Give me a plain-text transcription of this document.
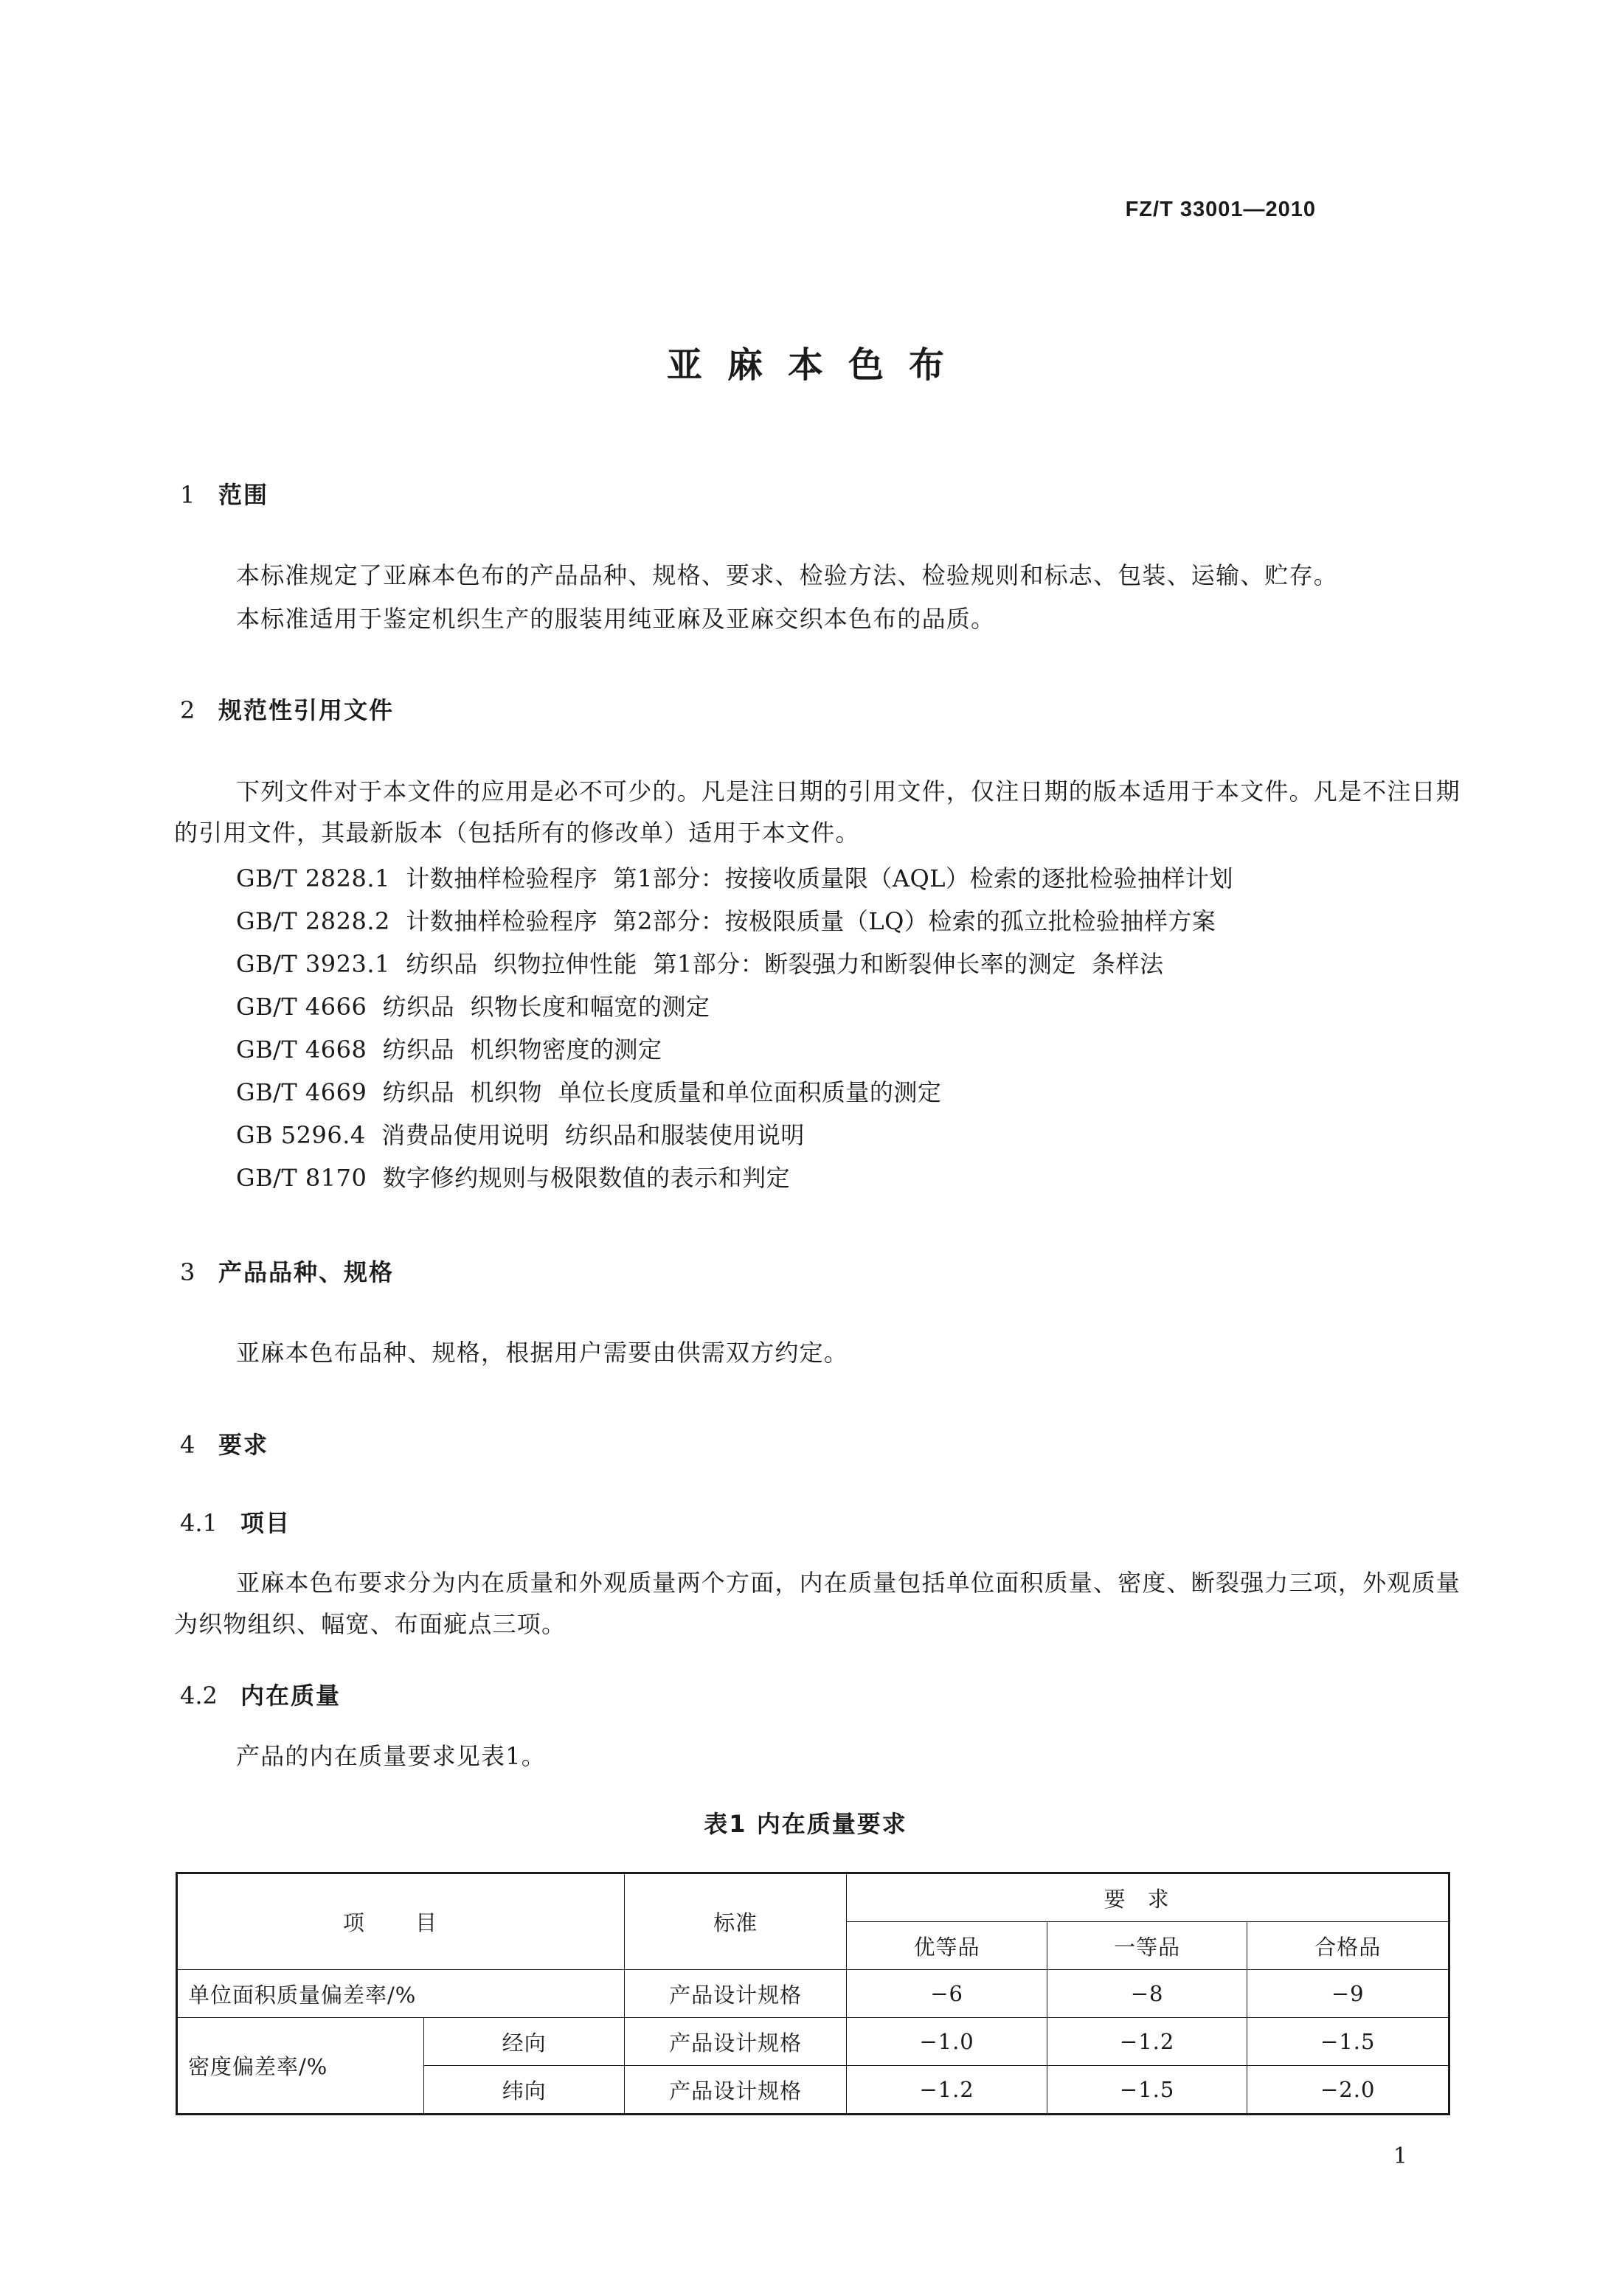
FZ/T 33001—2010
亚麻本色布
1 范围
本标准规定了亚麻本色布的产品品种、规格、要求、检验方法、检验规则和标志、包装、运输、贮存。
本标准适用于鉴定机织生产的服装用纯亚麻及亚麻交织本色布的品质。
2 规范性引用文件
下列文件对于本文件的应用是必不可少的。凡是注日期的引用文件，仅注日期的版本适用于本文件。凡是不注日期的引用文件，其最新版本（包括所有的修改单）适用于本文件。
GB/T 2828.1  计数抽样检验程序  第1部分：按接收质量限（AQL）检索的逐批检验抽样计划
GB/T 2828.2  计数抽样检验程序  第2部分：按极限质量（LQ）检索的孤立批检验抽样方案
GB/T 3923.1  纺织品  织物拉伸性能  第1部分：断裂强力和断裂伸长率的测定  条样法
GB/T 4666  纺织品  织物长度和幅宽的测定
GB/T 4668  纺织品  机织物密度的测定
GB/T 4669  纺织品  机织物  单位长度质量和单位面积质量的测定
GB 5296.4  消费品使用说明  纺织品和服装使用说明
GB/T 8170  数字修约规则与极限数值的表示和判定
3 产品品种、规格
亚麻本色布品种、规格，根据用户需要由供需双方约定。
4 要求
4.1 项目
亚麻本色布要求分为内在质量和外观质量两个方面，内在质量包括单位面积质量、密度、断裂强力三项，外观质量为织物组织、幅宽、布面疵点三项。
4.2 内在质量
产品的内在质量要求见表1。
表1 内在质量要求
项 目		标准	要求		
			优等品	一等品	合格品
单位面积质量偏差率/%		产品设计规格	−6	−8	−9
密度偏差率/%	经向	产品设计规格	−1.0	−1.2	−1.5
	纬向	产品设计规格	−1.2	−1.5	−2.0
1
